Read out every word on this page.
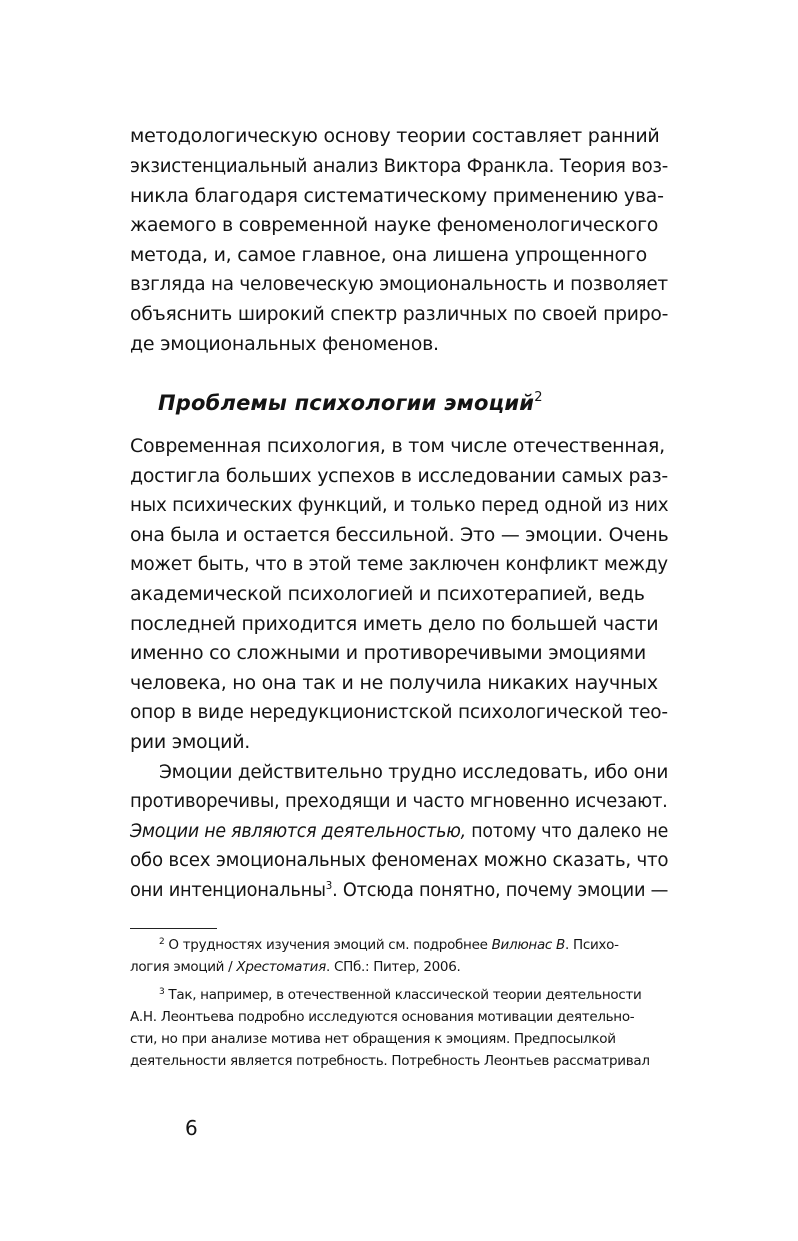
методологическую основу теории составляет ранний
экзистенциальный анализ Виктора Франкла. Теория воз-
никла благодаря систематическому применению ува-
жаемого в современной науке феноменологического
метода, и, самое главное, она лишена упрощенного
взгляда на человеческую эмоциональность и позволяет
объяснить широкий спектр различных по своей приро-
де эмоциональных феноменов.
Проблемы психологии эмоций$^2$
Современная психология, в том числе отечественная,
достигла больших успехов в исследовании самых раз-
ных психических функций, и только перед одной из них
она была и остается бессильной. Это — эмоции. Очень
может быть, что в этой теме заключен конфликт между
академической психологией и психотерапией, ведь
последней приходится иметь дело по большей части
именно со сложными и противоречивыми эмоциями
человека, но она так и не получила никаких научных
опор в виде нередукционистской психологической тео-
рии эмоций.
Эмоции действительно трудно исследовать, ибо они
противоречивы, преходящи и часто мгновенно исчезают.
Эмоции не являются деятельностью, потому что далеко не
обо всех эмоциональных феноменах можно сказать, что
они интенциональны$^3$. Отсюда понятно, почему эмоции —
$^2$ О трудностях изучения эмоций см. подробнее Вилюнас В. Психо-
логия эмоций / Хрестоматия. СПб.: Питер, 2006.
$^3$ Так, например, в отечественной классической теории деятельности
А.Н. Леонтьева подробно исследуются основания мотивации деятельно-
сти, но при анализе мотива нет обращения к эмоциям. Предпосылкой
деятельности является потребность. Потребность Леонтьев рассматривал
6
